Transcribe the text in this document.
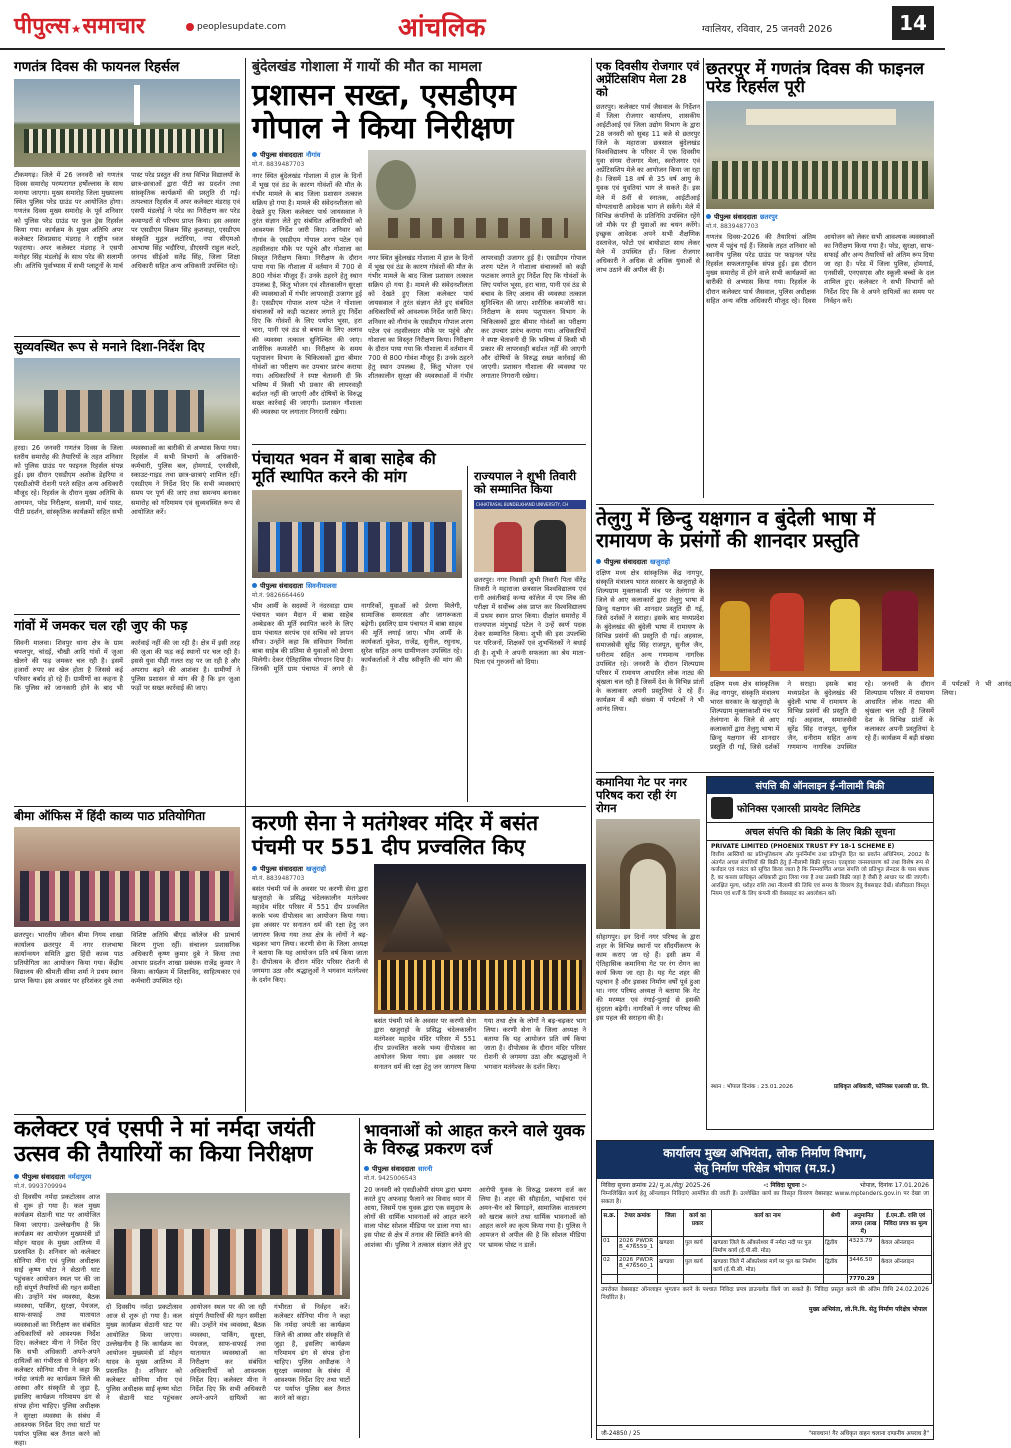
पीपुल्स ★ समाचार	peoplesupdate.com	आंचलिक	ग्वालियर, रविवार, 25 जनवरी 2026	14
गणतंत्र दिवस की फायनल रिहर्सल
टीकमगढ़। जिले में 26 जनवरी को गणतंत्र दिवस समारोह परम्परागत हर्षोल्लास के साथ मनाया जाएगा। मुख्य समारोह जिला मुख्यालय स्थित पुलिस परेड ग्राउंड पर आयोजित होगा। गणतंत्र दिवस मुख्य समारोह के पूर्व शनिवार को पुलिस परेड ग्राउंड पर फुल ड्रेस रिहर्सल किया गया। कार्यक्रम के मुख्य अतिथि अपर कलेक्टर शिवप्रसाद मंडराह ने राष्ट्रीय ध्वज फहराया। अपर कलेक्टर मंडराह ने एसपी मनोहर सिंह मंडलोई के साथ परेड की सलामी ली। अतिथि पूर्वाभ्यास में सभी प्लाटूनों के मार्च पास्ट परेड प्रस्तुत की तथा विभिन्न विद्यालयों के छात्र-छात्राओं द्वारा पीटी का प्रदर्शन तथा सांस्कृतिक कार्यक्रमों की प्रस्तुति दी गईं। तत्पश्चात रिहर्सल में अपर कलेक्टर मंडराह एवं एसपी मंडलोई ने परेड का निरीक्षण कर परेड कमाण्डरों से परिचय प्राप्त किया। इस अवसर पर एसडीएम विक्रम सिंह कुशवाहा, एसडीएम संस्कृति मुद्गल लटोरिया, नपा सीएमओ आभाषा सिंह भदौरिया, डीएसपी राहुल कटरे, जनपद सीईओ सतेंद्र सिंह, जिला शिक्षा अधिकारी सहित अन्य अधिकारी उपस्थित रहे।
सुव्यवस्थित रूप से मनाने दिशा-निर्देश दिए
हरदा। 26 जनवरी गणतंत्र दिवस के जिला स्तरीय समारोह की तैयारियों के तहत शनिवार को पुलिस ग्राउंड पर फाइनल रिहर्सल संपन्न हुई। इस दौरान एसडीएम अशोक डेहरिया व एसडीओपी रोशनी परते सहित अन्य अधिकारी मौजूद रहे। रिहर्सल के दौरान मुख्य अतिथि के आगमन, परेड निरीक्षण, सलामी, मार्च पास्ट, पीटी प्रदर्शन, सांस्कृतिक कार्यक्रमों सहित सभी व्यवस्थाओं का बारीकी से अभ्यास किया गया। रिहर्सल में सभी विभागों के अधिकारी-कर्मचारी, पुलिस बल, होमगार्ड, एनसीसी, स्काउट-गाइड तथा छात्र-छात्राएं शामिल रहीं। एसडीएम ने निर्देश दिए कि सभी व्यवस्थाएं समय पर पूर्ण की जाएं तथा समन्वय बनाकर समारोह को गरिमामय एवं सुव्यवस्थित रूप से आयोजित करें।
गांवों में जमकर चल रही जुए की फड़
सिवनी मालवा। शिवपुर थाना क्षेत्र के ग्राम चपलपुर, चांदई, चौखी आदि गांवों में जुआ खेलने की फड़ जमकर चल रही है। इसमें हजारों रुपए का खेल होता है जिससे कई परिवार बर्बाद हो रहे हैं। ग्रामीणों का कहना है कि पुलिस को जानकारी होने के बाद भी कार्रवाई नहीं की जा रही है। क्षेत्र में इसी तरह की जुआ की फड़ कई स्थानों पर चल रही है। इससे युवा पीढ़ी गलत राह पर जा रही है और अपराध बढ़ने की आशंका है। ग्रामीणों ने पुलिस प्रशासन से मांग की है कि इन जुआ फड़ों पर सख्त कार्रवाई की जाए।
बीमा ऑफिस में हिंदी काव्य पाठ प्रतियोगिता
छतरपुर। भारतीय जीवन बीमा निगम शाखा कार्यालय छतरपुर में नगर राजभाषा कार्यान्वयन समिति द्वारा हिंदी काव्य पाठ प्रतियोगिता का आयोजन किया गया। केंद्रीय विद्यालय की श्रीमती सीमा शर्मा ने प्रथम स्थान प्राप्त किया। इस अवसर पर हरिशंकर दुबे तथा विशिष्ट अतिथि बीएड कॉलेज की प्राचार्य किरण गुप्ता रहीं। संचालन प्रशासनिक अधिकारी कृष्ण कुमार दुबे ने किया तथा आभार प्रदर्शन शाखा प्रबंधक राजेंद्र कुमार ने किया। कार्यक्रम में शिक्षाविद, साहित्यकार एवं कर्मचारी उपस्थित रहे।
कलेक्टर एवं एसपी ने मां नर्मदा जयंती उत्सव की तैयारियों का किया निरीक्षण
पीपुल्स संवाददाता नर्मदापुरम
मो.नं. 9993709994
दो दिवसीय नर्मदा प्रकटोत्सव आज से शुरू हो गया है। कल मुख्य कार्यक्रम सेठानी घाट पर आयोजित किया जाएगा। उल्लेखनीय है कि कार्यक्रम का आयोजन मुख्यमंत्री डॉ मोहन यादव के मुख्य आतिथ्य में प्रस्तावित है। शनिवार को कलेक्टर सोनिया मीना एवं पुलिस अधीक्षक साईं कृष्ण थोटा ने सेठानी घाट पहुंचकर आयोजन स्थल पर की जा रही संपूर्ण तैयारियों की गहन समीक्षा की। उन्होंने मंच व्यवस्था, बैठक व्यवस्था, पार्किंग, सुरक्षा, पेयजल, साफ-सफाई तथा यातायात व्यवस्थाओं का निरीक्षण कर संबंधित अधिकारियों को आवश्यक निर्देश दिए। कलेक्टर मीना ने निर्देश दिए कि सभी अधिकारी अपने-अपने दायित्वों का गंभीरता से निर्वहन करें। कलेक्टर सोनिया मीना ने कहा कि नर्मदा जयंती का कार्यक्रम जिले की आस्था और संस्कृति से जुड़ा है, इसलिए कार्यक्रम गरिमामय ढंग से संपन्न होना चाहिए। पुलिस अधीक्षक ने सुरक्षा व्यवस्था के संबंध में आवश्यक निर्देश दिए तथा घाटों पर पर्याप्त पुलिस बल तैनात करने को कहा।
दो दिवसीय नर्मदा प्रकटोत्सव आज से शुरू हो गया है। कल मुख्य कार्यक्रम सेठानी घाट पर आयोजित किया जाएगा। उल्लेखनीय है कि कार्यक्रम का आयोजन मुख्यमंत्री डॉ मोहन यादव के मुख्य आतिथ्य में प्रस्तावित है। शनिवार को कलेक्टर सोनिया मीना एवं पुलिस अधीक्षक साईं कृष्ण थोटा ने सेठानी घाट पहुंचकर आयोजन स्थल पर की जा रही संपूर्ण तैयारियों की गहन समीक्षा की। उन्होंने मंच व्यवस्था, बैठक व्यवस्था, पार्किंग, सुरक्षा, पेयजल, साफ-सफाई तथा यातायात व्यवस्थाओं का निरीक्षण कर संबंधित अधिकारियों को आवश्यक निर्देश दिए। कलेक्टर मीना ने निर्देश दिए कि सभी अधिकारी अपने-अपने दायित्वों का गंभीरता से निर्वहन करें। कलेक्टर सोनिया मीना ने कहा कि नर्मदा जयंती का कार्यक्रम जिले की आस्था और संस्कृति से जुड़ा है, इसलिए कार्यक्रम गरिमामय ढंग से संपन्न होना चाहिए। पुलिस अधीक्षक ने सुरक्षा व्यवस्था के संबंध में आवश्यक निर्देश दिए तथा घाटों पर पर्याप्त पुलिस बल तैनात करने को कहा।
बुंदेलखंड गोशाला में गायों की मौत का मामला
प्रशासन सख्त, एसडीएम गोपाल ने किया निरीक्षण
पीपुल्स संवाददाता नौगांव
मो.नं. 8839487703
नगर स्थित बुंदेलखंड गोशाला में हाल के दिनों में भूख एवं ठंड के कारण गोवंशों की मौत के गंभीर मामले के बाद जिला प्रशासन तत्काल सक्रिय हो गया है। मामले की संवेदनशीलता को देखते हुए जिला कलेक्टर पार्थ जायसवाल ने तुरंत संज्ञान लेते हुए संबंधित अधिकारियों को आवश्यक निर्देश जारी किए। शनिवार को नौगांव के एसडीएम गोपाल शरण पटेल एवं तहसीलदार मौके पर पहुंचे और गोशाला का विस्तृत निरीक्षण किया। निरीक्षण के दौरान पाया गया कि गौशाला में वर्तमान में 700 से 800 गोवंश मौजूद हैं। उनके ठहरने हेतु स्थान उपलब्ध है, किंतु भोजन एवं शीतकालीन सुरक्षा की व्यवस्थाओं में गंभीर लापरवाही उजागर हुई है। एसडीएम गोपाल शरण पटेल ने गोशाला संचालकों को कड़ी फटकार लगाते हुए निर्देश दिए कि गोवंशों के लिए पर्याप्त भूसा, हरा चारा, पानी एवं ठंड से बचाव के लिए अलाव की व्यवस्था तत्काल सुनिश्चित की जाए। शारीरिक कमजोरी था। निरीक्षण के समय पशुपालन विभाग के चिकित्सकों द्वारा बीमार गोवंशों का परीक्षण कर उपचार प्रारंभ कराया गया। अधिकारियों ने स्पष्ट चेतावनी दी कि भविष्य में किसी भी प्रकार की लापरवाही बर्दाश्त नहीं की जाएगी और दोषियों के विरुद्ध सख्त कार्रवाई की जाएगी। प्रशासन गौशाला की व्यवस्था पर लगातार निगरानी रखेगा।
नगर स्थित बुंदेलखंड गोशाला में हाल के दिनों में भूख एवं ठंड के कारण गोवंशों की मौत के गंभीर मामले के बाद जिला प्रशासन तत्काल सक्रिय हो गया है। मामले की संवेदनशीलता को देखते हुए जिला कलेक्टर पार्थ जायसवाल ने तुरंत संज्ञान लेते हुए संबंधित अधिकारियों को आवश्यक निर्देश जारी किए। शनिवार को नौगांव के एसडीएम गोपाल शरण पटेल एवं तहसीलदार मौके पर पहुंचे और गोशाला का विस्तृत निरीक्षण किया। निरीक्षण के दौरान पाया गया कि गौशाला में वर्तमान में 700 से 800 गोवंश मौजूद हैं। उनके ठहरने हेतु स्थान उपलब्ध है, किंतु भोजन एवं शीतकालीन सुरक्षा की व्यवस्थाओं में गंभीर लापरवाही उजागर हुई है। एसडीएम गोपाल शरण पटेल ने गोशाला संचालकों को कड़ी फटकार लगाते हुए निर्देश दिए कि गोवंशों के लिए पर्याप्त भूसा, हरा चारा, पानी एवं ठंड से बचाव के लिए अलाव की व्यवस्था तत्काल सुनिश्चित की जाए। शारीरिक कमजोरी था। निरीक्षण के समय पशुपालन विभाग के चिकित्सकों द्वारा बीमार गोवंशों का परीक्षण कर उपचार प्रारंभ कराया गया। अधिकारियों ने स्पष्ट चेतावनी दी कि भविष्य में किसी भी प्रकार की लापरवाही बर्दाश्त नहीं की जाएगी और दोषियों के विरुद्ध सख्त कार्रवाई की जाएगी। प्रशासन गौशाला की व्यवस्था पर लगातार निगरानी रखेगा।
पंचायत भवन में बाबा साहेब की मूर्ति स्थापित करने की मांग
पीपुल्स संवाददाता सिवनीमालवा
मो.नं. 9826664469
भीम आर्मी के सदस्यों ने नंदरवाड़ा ग्राम पंचायत भवन मैदान में बाबा साहेब अम्बेडकर की मूर्ति स्थापित करने के लिए ग्राम पंचायत सरपंच एवं सचिव को ज्ञापन सौंपा। उन्होंने कहा कि संविधान निर्माता बाबा साहेब की प्रतिमा से युवाओं को प्रेरणा मिलेगी। देकर ऐतिहासिक योगदान दिया है। जिनकी मूर्ति ग्राम पंचायत में लगने से नागरिकों, युवाओं को प्रेरणा मिलेगी, सामाजिक समरसता और जागरूकता बढ़ेगी। इसलिए ग्राम पंचायत में बाबा साहब की मूर्ति लगाई जाए। भीम आर्मी के कार्यकर्ता मुकेश, राजेंद्र, सुनील, रघुनाथ, सुरेश सहित अन्य ग्रामीणजन उपस्थित रहे। कार्यकर्ताओं ने शीघ्र स्वीकृति की मांग की है।
राज्यपाल ने शुभी तिवारी को सम्मानित किया
CHHATRASAL BUNDELKHAND UNIVERSITY, CH
छतरपुर। नगर निवासी शुभी तिवारी पिता वीरेंद्र तिवारी ने महाराजा छत्रसाल विश्वविद्यालय एवं रानी अवंतीबाई कन्या कॉलेज में एम लिब की परीक्षा में सर्वोच्च अंक प्राप्त कर विश्वविद्यालय में प्रथम स्थान प्राप्त किया। दीक्षांत समारोह में राज्यपाल मंगुभाई पटेल ने उन्हें स्वर्ण पदक देकर सम्मानित किया। शुभी की इस उपलब्धि पर परिजनों, शिक्षकों एवं शुभचिंतकों ने बधाई दी है। शुभी ने अपनी सफलता का श्रेय माता-पिता एवं गुरुजनों को दिया।
करणी सेना ने मतंगेश्वर मंदिर में बसंत पंचमी पर 551 दीप प्रज्वलित किए
पीपुल्स संवाददाता खजुराहो
मो.नं. 8839487703
बसंत पंचमी पर्व के अवसर पर करणी सेना द्वारा खजुराहो के प्रसिद्ध चंदेलकालीन मतंगेश्वर महादेव मंदिर परिसर में 551 दीप प्रज्वलित करके भव्य दीपोत्सव का आयोजन किया गया। इस अवसर पर सनातन धर्म की रक्षा हेतु जन जागरण किया गया तथा क्षेत्र के लोगों ने बढ़-चढ़कर भाग लिया। करणी सेना के जिला अध्यक्ष ने बताया कि यह आयोजन प्रति वर्ष किया जाता है। दीपोत्सव के दौरान मंदिर परिसर रोशनी से जगमगा उठा और श्रद्धालुओं ने भगवान मतंगेश्वर के दर्शन किए।
बसंत पंचमी पर्व के अवसर पर करणी सेना द्वारा खजुराहो के प्रसिद्ध चंदेलकालीन मतंगेश्वर महादेव मंदिर परिसर में 551 दीप प्रज्वलित करके भव्य दीपोत्सव का आयोजन किया गया। इस अवसर पर सनातन धर्म की रक्षा हेतु जन जागरण किया गया तथा क्षेत्र के लोगों ने बढ़-चढ़कर भाग लिया। करणी सेना के जिला अध्यक्ष ने बताया कि यह आयोजन प्रति वर्ष किया जाता है। दीपोत्सव के दौरान मंदिर परिसर रोशनी से जगमगा उठा और श्रद्धालुओं ने भगवान मतंगेश्वर के दर्शन किए।
भावनाओं को आहत करने वाले युवक के विरुद्ध प्रकरण दर्ज
पीपुल्स संवाददाता सारनी
मो.नं. 9425006543
20 जनवरी को एसडीओपी संयम द्वारा भ्रमण करते हुए अफवाह फैलाने का विवाद ध्यान में आया, जिसमें एक युवक द्वारा एक समुदाय के लोगों की धार्मिक भावनाओं को आहत करने वाला पोस्ट सोशल मीडिया पर डाला गया था। इस पोस्ट से क्षेत्र में तनाव की स्थिति बनने की आशंका थी। पुलिस ने तत्काल संज्ञान लेते हुए आरोपी युवक के विरुद्ध प्रकरण दर्ज कर लिया है। शहर की सौहार्दता, भाईचारा एवं अमन-चैन को बिगाड़ने, सामाजिक वातावरण को खराब करने तथा धार्मिक भावनाओं को आहत करने का कृत्य किया गया है। पुलिस ने आमजन से अपील की है कि सोशल मीडिया पर भ्रामक पोस्ट न डालें।
एक दिवसीय रोजगार एवं अप्रेंटिसशिप मेला 28 को
छतरपुर। कलेक्टर पार्थ जैसवाल के निर्देशन में जिला रोजगार कार्यालय, शासकीय आईटीआई एवं जिला उद्योग विभाग के द्वारा 28 जनवरी को सुबह 11 बजे से छतरपुर जिले के महाराजा छत्रसाल बुंदेलखंड विश्वविद्यालय के परिसर में एक दिवसीय युवा संगम रोजगार मेला, स्वरोजगार एवं अप्रेंटिसशिप मेले का आयोजन किया जा रहा है। जिसमें 18 वर्ष से 35 वर्ष आयु के युवक एवं युवतियां भाग ले सकते हैं। इस मेले में 8वीं से स्नातक, आईटीआई योग्यताधारी आवेदक भाग ले सकेंगे। मेले में विभिन्न कंपनियों के प्रतिनिधि उपस्थित रहेंगे जो मौके पर ही युवाओं का चयन करेंगे। इच्छुक आवेदक अपने सभी शैक्षणिक दस्तावेज, फोटो एवं बायोडाटा साथ लेकर मेले में उपस्थित हों। जिला रोजगार अधिकारी ने अधिक से अधिक युवाओं से लाभ उठाने की अपील की है।
छतरपुर में गणतंत्र दिवस की फाइनल परेड रिहर्सल पूरी
पीपुल्स संवाददाता छतरपुर
मो.नं. 8839487703
गणतंत्र दिवस-2026 की तैयारियां अंतिम चरण में पहुंच गई हैं। जिसके तहत शनिवार को स्थानीय पुलिस परेड ग्राउंड पर फाइनल परेड रिहर्सल सफलतापूर्वक संपन्न हुई। इस दौरान मुख्य समारोह में होने वाले सभी कार्यक्रमों का बारीकी से अभ्यास किया गया। रिहर्सल के दौरान कलेक्टर पार्थ जैसवाल, पुलिस अधीक्षक सहित अन्य वरिष्ठ अधिकारी मौजूद रहे। दिवस आयोजन को लेकर सभी आवश्यक व्यवस्थाओं का निरीक्षण किया गया है। परेड, सुरक्षा, साफ-सफाई और अन्य तैयारियों को अंतिम रूप दिया जा रहा है। परेड में जिला पुलिस, होमगार्ड, एनसीसी, एनएसएस और स्कूली बच्चों के दल शामिल हुए। कलेक्टर ने सभी विभागों को निर्देश दिए कि वे अपने दायित्वों का समय पर निर्वहन करें।
तेलुगु में छिन्दु यक्षगान व बुंदेली भाषा में रामायण के प्रसंगों की शानदार प्रस्तुति
पीपुल्स संवाददाता खजुराहो
दक्षिण मध्य क्षेत्र सांस्कृतिक केंद्र नागपुर, संस्कृति मंत्रालय भारत सरकार के खजुराहो के शिल्पग्राम मुक्ताकाशी मंच पर तेलंगाना के जिले से आए कलाकारों द्वारा तेलुगु भाषा में छिन्दु यक्षगान की शानदार प्रस्तुति दी गई, जिसे दर्शकों ने सराहा। इसके बाद मध्यप्रदेश के बुंदेलखंड की बुंदेली भाषा में रामायण के विभिन्न प्रसंगों की प्रस्तुति दी गई। अहवाल, समाजसेवी सुरेंद्र सिंह राजपूत, सुनील जैन, धनीराम सहित अन्य गणमान्य नागरिक उपस्थित रहे। जनवरी के दौरान शिल्पग्राम परिसर में रामायण आधारित लोक नाट्य की श्रृंखला चल रही है जिसमें देश के विभिन्न प्रांतों के कलाकार अपनी प्रस्तुतियां दे रहे हैं। कार्यक्रम में बड़ी संख्या में पर्यटकों ने भी आनंद लिया।
दक्षिण मध्य क्षेत्र सांस्कृतिक केंद्र नागपुर, संस्कृति मंत्रालय भारत सरकार के खजुराहो के शिल्पग्राम मुक्ताकाशी मंच पर तेलंगाना के जिले से आए कलाकारों द्वारा तेलुगु भाषा में छिन्दु यक्षगान की शानदार प्रस्तुति दी गई, जिसे दर्शकों ने सराहा। इसके बाद मध्यप्रदेश के बुंदेलखंड की बुंदेली भाषा में रामायण के विभिन्न प्रसंगों की प्रस्तुति दी गई। अहवाल, समाजसेवी सुरेंद्र सिंह राजपूत, सुनील जैन, धनीराम सहित अन्य गणमान्य नागरिक उपस्थित रहे। जनवरी के दौरान शिल्पग्राम परिसर में रामायण आधारित लोक नाट्य की श्रृंखला चल रही है जिसमें देश के विभिन्न प्रांतों के कलाकार अपनी प्रस्तुतियां दे रहे हैं। कार्यक्रम में बड़ी संख्या में पर्यटकों ने भी आनंद लिया।
कमानिया गेट पर नगर परिषद करा रही रंग रोगन
सोहागपुर। इन दिनों नगर परिषद के द्वारा शहर के विभिन्न स्थानों पर सौंदर्यीकरण के काम कराए जा रहे हैं। इसी क्रम में ऐतिहासिक कमानिया गेट पर रंग रोगन का कार्य किया जा रहा है। यह गेट शहर की पहचान है और इसका निर्माण वर्षों पूर्व हुआ था। नगर परिषद अध्यक्ष ने बताया कि गेट की मरम्मत एवं रंगाई-पुताई से इसकी सुंदरता बढ़ेगी। नागरिकों ने नगर परिषद की इस पहल की सराहना की है।
संपत्ति की ऑनलाइन ई-नीलामी बिक्री
फोनिक्स एआरसी प्रायवेट लिमिटेड
अचल संपत्ति की बिक्री के लिए बिक्री सूचना
PRIVATE LIMITED (PHOENIX TRUST FY 18-1 SCHEME E)
वित्तीय आस्तियों का प्रतिभूतिकरण और पुनर्निर्माण तथा प्रतिभूति हित का प्रवर्तन अधिनियम, 2002 के अंतर्गत अचल संपत्तियों की बिक्री हेतु ई-नीलामी बिक्री सूचना। एतद्द्वारा जनसाधारण को तथा विशेष रूप से कर्जदार एवं गारंटर को सूचित किया जाता है कि निम्नवर्णित अचल संपत्ति जो प्रतिभूत लेनदार के पास बंधक है, का कब्जा प्राधिकृत अधिकारी द्वारा लिया गया है तथा उसकी बिक्री जहां है जैसी है आधार पर की जाएगी। आरक्षित मूल्य, धरोहर राशि तथा नीलामी की तिथि एवं समय के विवरण हेतु वेबसाइट देखें। बोलीदाता विस्तृत नियम एवं शर्तों के लिए कंपनी की वेबसाइट का अवलोकन करें।
स्थान : भोपाल दिनांक : 23.01.2026	प्राधिकृत अधिकारी, फोनिक्स एआरसी प्रा. लि.
कार्यालय मुख्य अभियंता, लोक निर्माण विभाग,
सेतु निर्माण परिक्षेत्र भोपाल (म.प्र.)
निविदा सूचना क्रमांक 22/ मु.अ./सेतु/ 2025-26	-: निविदा सूचना :-	भोपाल, दिनांक 17.01.2026
निम्नलिखित कार्य हेतु ऑनलाइन निविदाएं आमंत्रित की जाती हैं। उल्लेखित कार्य का विस्तृत विवरण वेबसाइट www.mptenders.gov.in पर देखा जा सकता है।
स.क्र.	टेण्डर क्रमांक	जिला	कार्य का प्रकार	कार्य का नाम	श्रेणी	अनुमानित लागत (लाख में)	ई.एम.डी. राशि एवं निविदा प्रपत्र का मूल्य
01	2026_PWDRB_476559_1	खण्डवा	पुल कार्य	खण्डवा जिले के ओंकारेश्वर में नर्मदा नदी पर पुल निर्माण कार्य (ई.पी.सी. मोड)	द्वितीय	4323.79	केवल ऑनलाइन
02	2026_PWDRB_476560_1	खण्डवा	पुल कार्य	खण्डवा जिले में ओंकारेश्वर मार्ग पर पुल का निर्माण कार्य (ई.पी.सी. मोड)	द्वितीय	3446.50	केवल ऑनलाइन
						7770.29	
उपरोक्त वेबसाइट ऑनलाइन भुगतान करने के पश्चात निविदा प्रपत्र डाउनलोड किये जा सकते हैं। निविदा प्रस्तुत करने की अंतिम तिथि 24.02.2026 निर्धारित है।
मुख्य अभियंता, लो.नि.वि. सेतु निर्माण परिक्षेत्र भोपाल
जी-24850 / 25	"सावधान! गैर अधिकृत वाहन चलाना दण्डनीय अपराध है"
